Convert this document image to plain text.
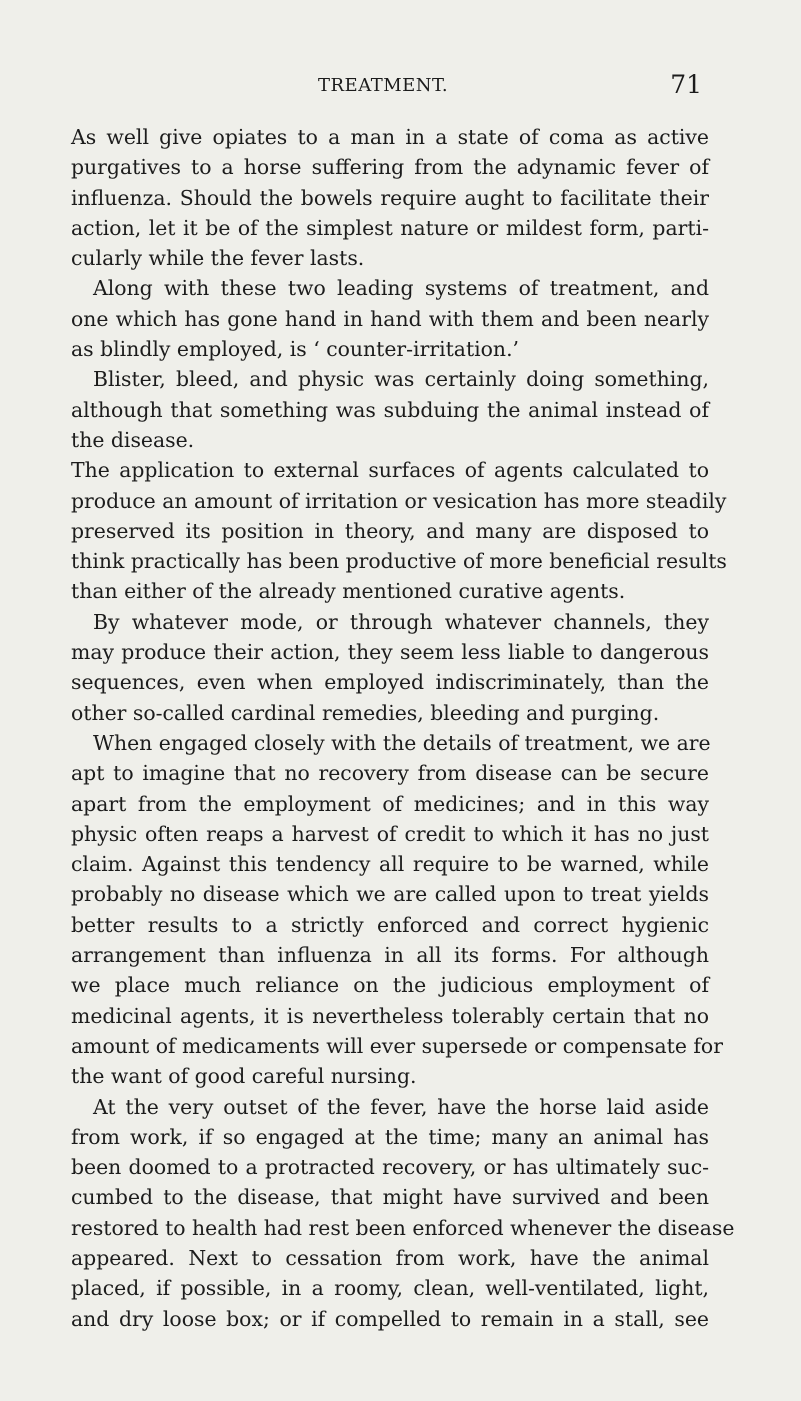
TREATMENT.	71
As well give opiates to a man in a state of coma as active
purgatives to a horse suffering from the adynamic fever of
influenza. Should the bowels require aught to facilitate their
action, let it be of the simplest nature or mildest form, parti-
cularly while the fever lasts.
Along with these two leading systems of treatment, and
one which has gone hand in hand with them and been nearly
as blindly employed, is ‘ counter-irritation.’
Blister, bleed, and physic was certainly doing something,
although that something was subduing the animal instead of
the disease.
The application to external surfaces of agents calculated to
produce an amount of irritation or vesication has more steadily
preserved its position in theory, and many are disposed to
think practically has been productive of more beneficial results
than either of the already mentioned curative agents.
By whatever mode, or through whatever channels, they
may produce their action, they seem less liable to dangerous
sequences, even when employed indiscriminately, than the
other so-called cardinal remedies, bleeding and purging.
When engaged closely with the details of treatment, we are
apt to imagine that no recovery from disease can be secure
apart from the employment of medicines; and in this way
physic often reaps a harvest of credit to which it has no just
claim. Against this tendency all require to be warned, while
probably no disease which we are called upon to treat yields
better results to a strictly enforced and correct hygienic
arrangement than influenza in all its forms. For although
we place much reliance on the judicious employment of
medicinal agents, it is nevertheless tolerably certain that no
amount of medicaments will ever supersede or compensate for
the want of good careful nursing.
At the very outset of the fever, have the horse laid aside
from work, if so engaged at the time; many an animal has
been doomed to a protracted recovery, or has ultimately suc-
cumbed to the disease, that might have survived and been
restored to health had rest been enforced whenever the disease
appeared. Next to cessation from work, have the animal
placed, if possible, in a roomy, clean, well-ventilated, light,
and dry loose box; or if compelled to remain in a stall, see
